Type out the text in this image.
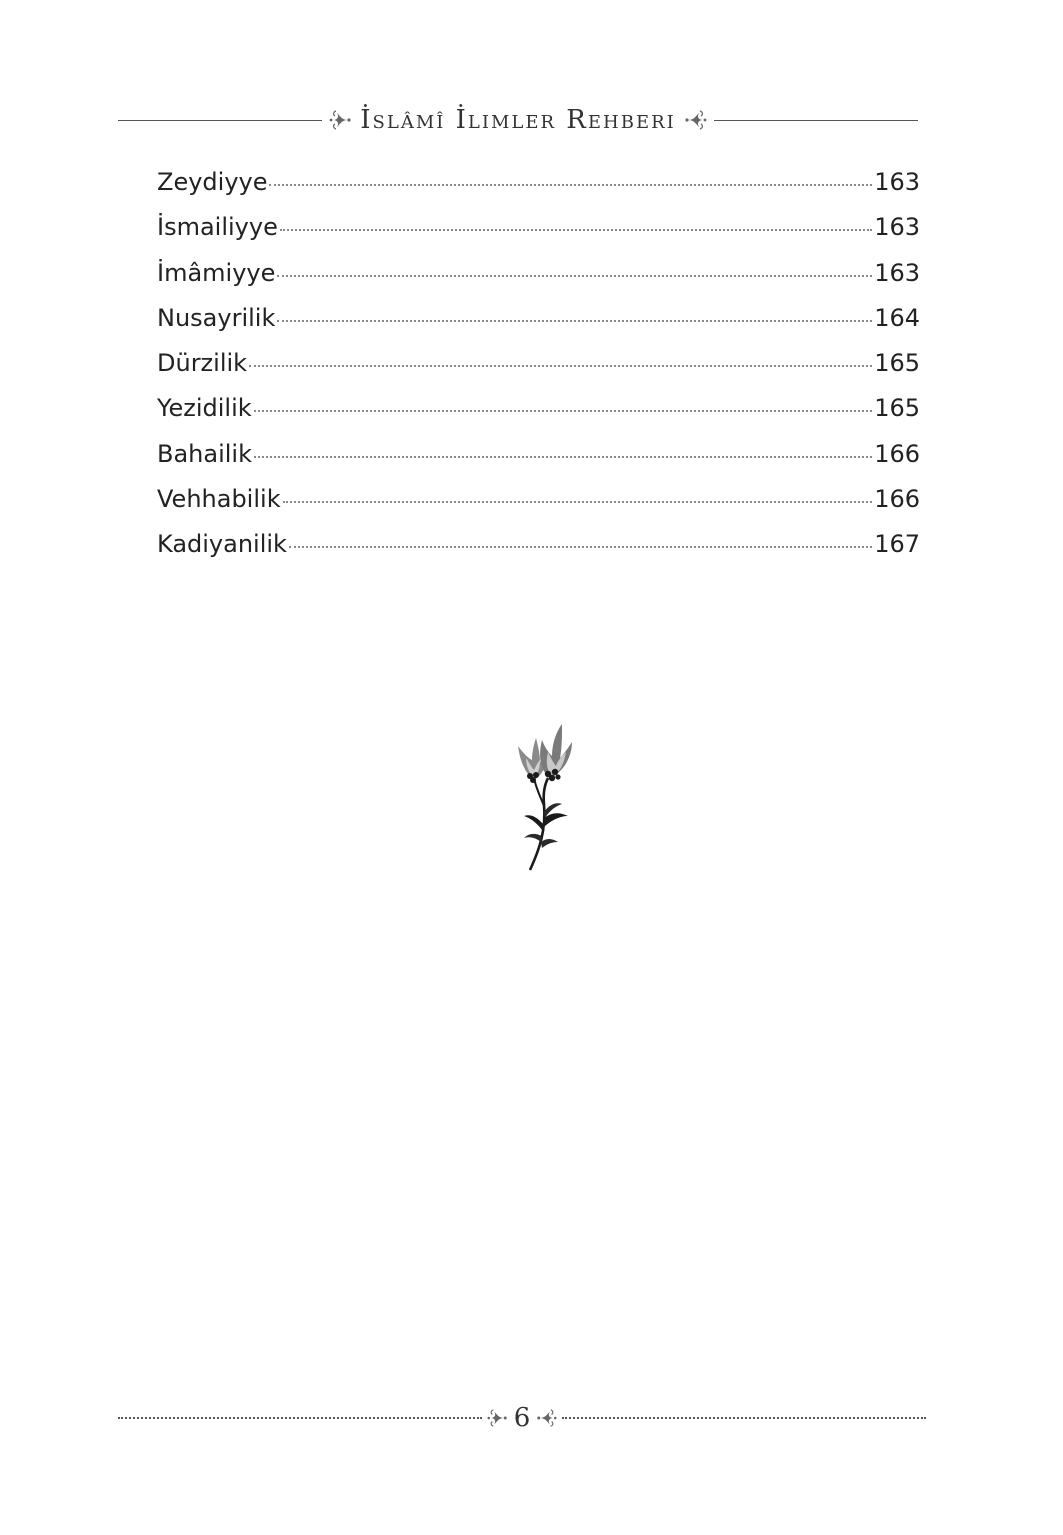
İslâmî İlimler Rehberi
Zeydiyye	163
İsmailiyye	163
İmâmiyye	163
Nusayrilik	164
Dürzilik	165
Yezidilik	165
Bahailik	166
Vehhabilik	166
Kadiyanilik	167
6
